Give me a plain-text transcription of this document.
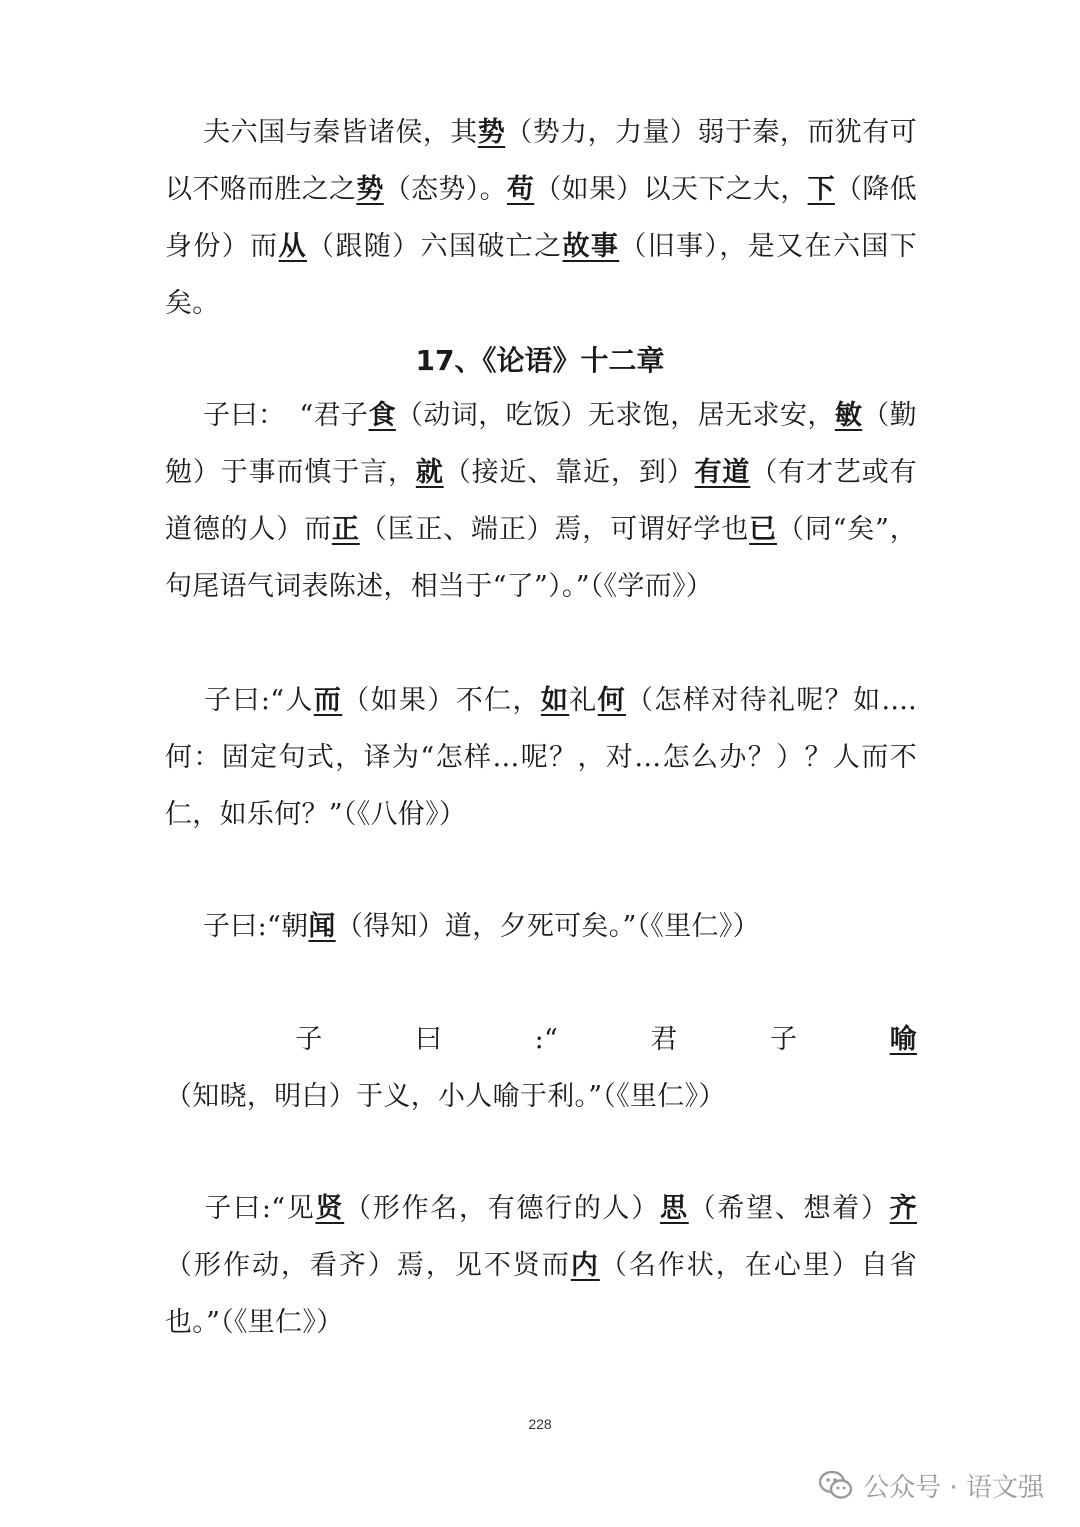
夫六国与秦皆诸侯，其势（势力，力量）弱于秦，而犹有可以不赂而胜之之势（态势）。苟（如果）以天下之大，下（降低身份）而从（跟随）六国破亡之故事（旧事），是又在六国下矣。

17、《论语》十二章

子曰：　“君子食（动词，吃饭）无求饱，居无求安，敏（勤勉）于事而慎于言，就（接近、靠近，到）有道（有才艺或有道德的人）而正（匡正、端正）焉，可谓好学也已（同“矣”，句尾语气词表陈述，相当于“了”）。”（《学而》）

子曰:“人而（如果）不仁，如礼何（怎样对待礼呢？如....何：固定句式，译为“怎样…呢？，对…怎么办？）？人而不仁，如乐何？”（《八佾》）

子曰:“朝闻（得知）道，夕死可矣。”（《里仁》）

子曰:“君子喻（知晓，明白）于义，小人喻于利。”（《里仁》）

子曰:“见贤（形作名，有德行的人）思（希望、想着）齐（形作动，看齐）焉，见不贤而内（名作状，在心里）自省也。”（《里仁》）

228
公众号 · 语文强
